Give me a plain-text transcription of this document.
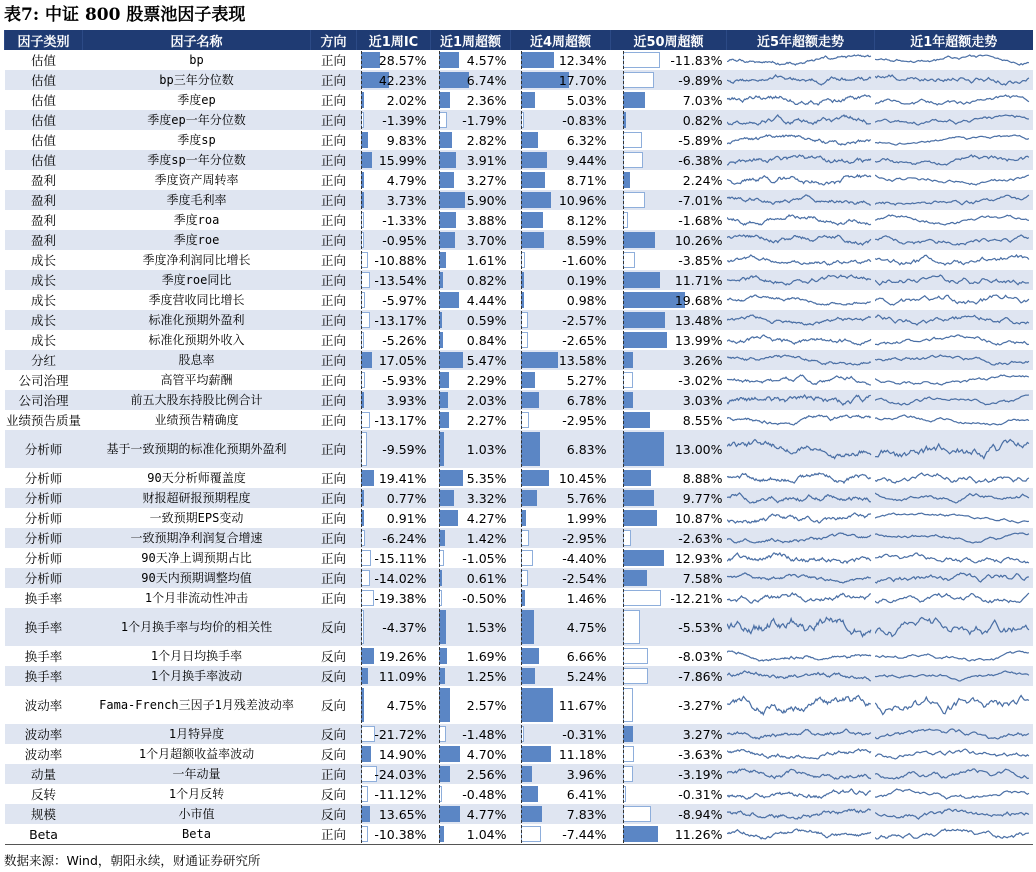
表7: 中证 800 股票池因子表现
因子类别	因子名称	方向	近1周IC	近1周超额	近4周超额	近50周超额	近5年超额走势	近1年超额走势
估值	bp	正向	28.57%	4.57%	12.34%	-11.83%	

估值	bp三年分位数	正向	42.23%	6.74%	17.70%	-9.89%	

估值	季度ep	正向	2.02%	2.36%	5.03%	7.03%	

估值	季度ep一年分位数	正向	-1.39%	-1.79%	-0.83%	0.82%	

估值	季度sp	正向	9.83%	2.82%	6.32%	-5.89%	

估值	季度sp一年分位数	正向	15.99%	3.91%	9.44%	-6.38%	

盈利	季度资产周转率	正向	4.79%	3.27%	8.71%	2.24%	

盈利	季度毛利率	正向	3.73%	5.90%	10.96%	-7.01%	

盈利	季度roa	正向	-1.33%	3.88%	8.12%	-1.68%	

盈利	季度roe	正向	-0.95%	3.70%	8.59%	10.26%	

成长	季度净利润同比增长	正向	-10.88%	1.61%	-1.60%	-3.85%	

成长	季度roe同比	正向	-13.54%	0.82%	0.19%	11.71%	

成长	季度营收同比增长	正向	-5.97%	4.44%	0.98%	19.68%	

成长	标准化预期外盈利	正向	-13.17%	0.59%	-2.57%	13.48%	

成长	标准化预期外收入	正向	-5.26%	0.84%	-2.65%	13.99%	

分红	股息率	正向	17.05%	5.47%	13.58%	3.26%	

公司治理	高管平均薪酬	正向	-5.93%	2.29%	5.27%	-3.02%	

公司治理	前五大股东持股比例合计	正向	3.93%	2.03%	6.78%	3.03%	

业绩预告质量	业绩预告精确度	正向	-13.17%	2.27%	-2.95%	8.55%	

分析师	基于一致预期的标准化预期外盈利	正向	-9.59%	1.03%	6.83%	13.00%	

分析师	90天分析师覆盖度	正向	19.41%	5.35%	10.45%	8.88%	

分析师	财报超研报预期程度	正向	0.77%	3.32%	5.76%	9.77%	

分析师	一致预期EPS变动	正向	0.91%	4.27%	1.99%	10.87%	

分析师	一致预期净利润复合增速	正向	-6.24%	1.42%	-2.95%	-2.63%	

分析师	90天净上调预期占比	正向	-15.11%	-1.05%	-4.40%	12.93%	

分析师	90天内预期调整均值	正向	-14.02%	0.61%	-2.54%	7.58%	

换手率	1个月非流动性冲击	正向	-19.38%	-0.50%	1.46%	-12.21%	

换手率	1个月换手率与均价的相关性	反向	-4.37%	1.53%	4.75%	-5.53%	

换手率	1个月日均换手率	反向	19.26%	1.69%	6.66%	-8.03%	

换手率	1个月换手率波动	反向	11.09%	1.25%	5.24%	-7.86%	

波动率	Fama-French三因子1月残差波动率	反向	4.75%	2.57%	11.67%	-3.27%	

波动率	1月特异度	反向	-21.72%	-1.48%	-0.31%	3.27%	

波动率	1个月超额收益率波动	反向	14.90%	4.70%	11.18%	-3.63%	

动量	一年动量	正向	-24.03%	2.56%	3.96%	-3.19%	

反转	1个月反转	反向	-11.12%	-0.48%	6.41%	-0.31%	

规模	小市值	反向	13.65%	4.77%	7.83%	-8.94%	

Beta	Beta	正向	-10.38%	1.04%	-7.44%	11.26%	

数据来源：Wind，朝阳永续，财通证券研究所
